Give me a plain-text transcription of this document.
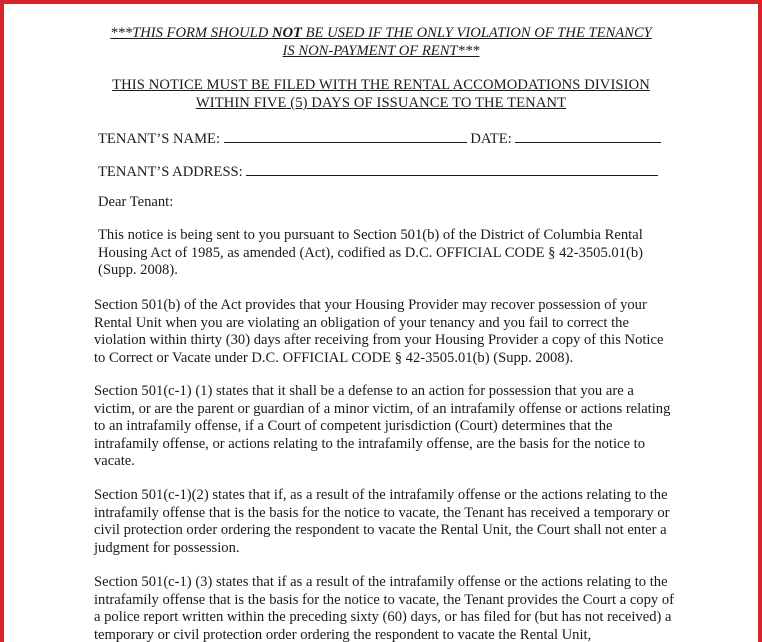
***THIS FORM SHOULD NOT BE USED IF THE ONLY VIOLATION OF THE TENANCY
IS NON-PAYMENT OF RENT***
THIS NOTICE MUST BE FILED WITH THE RENTAL ACCOMODATIONS DIVISION
WITHIN FIVE (5) DAYS OF ISSUANCE TO THE TENANT
TENANT’S NAME:	DATE:
TENANT’S ADDRESS:

Dear Tenant:

This notice is being sent to you pursuant to Section 501(b) of the District of Columbia Rental Housing Act of 1985, as amended (Act), codified as D.C. OFFICIAL CODE § 42-3505.01(b) (Supp. 2008).

Section 501(b) of the Act provides that your Housing Provider may recover possession of your Rental Unit when you are violating an obligation of your tenancy and you fail to correct the violation within thirty (30) days after receiving from your Housing Provider a copy of this Notice to Correct or Vacate under D.C. OFFICIAL CODE § 42-3505.01(b) (Supp. 2008).

Section 501(c-1) (1) states that it shall be a defense to an action for possession that you are a victim, or are the parent or guardian of a minor victim, of an intrafamily offense or actions relating to an intrafamily offense, if a Court of competent jurisdiction (Court) determines that the intrafamily offense, or actions relating to the intrafamily offense, are the basis for the notice to vacate.

Section 501(c-1)(2) states that if, as a result of the intrafamily offense or the actions relating to the intrafamily offense that is the basis for the notice to vacate, the Tenant has received a temporary or civil protection order ordering the respondent to vacate the Rental Unit, the Court shall not enter a judgment for possession.

Section 501(c-1) (3) states that if as a result of the intrafamily offense or the actions relating to the intrafamily offense that is the basis for the notice to vacate, the Tenant provides the Court a copy of a police report written within the preceding sixty (60) days, or has filed for (but has not received) a temporary or civil protection order ordering the respondent to vacate the Rental Unit,
